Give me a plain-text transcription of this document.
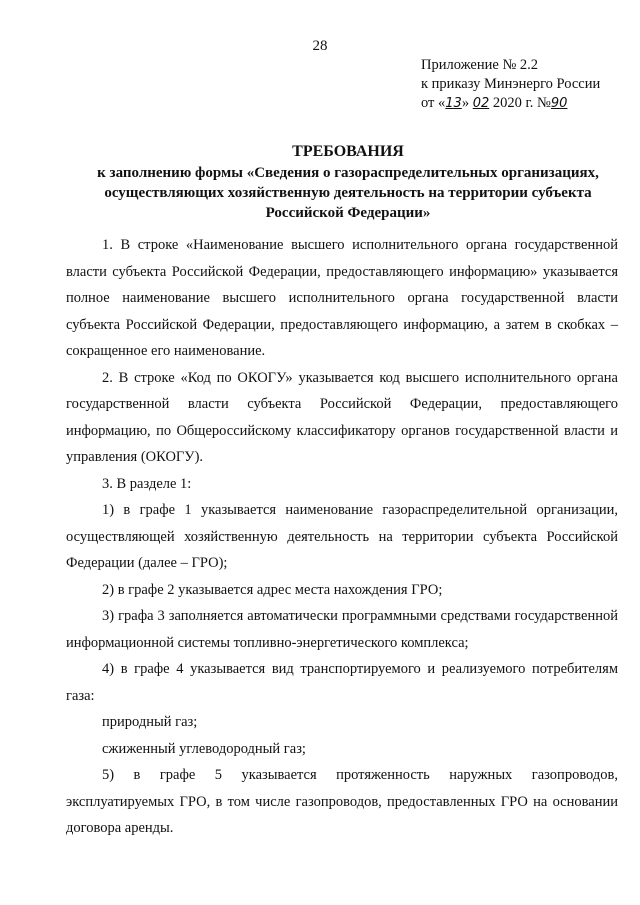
28
Приложение № 2.2
к приказу Минэнерго России
от «13» 02 2020 г. №90
ТРЕБОВАНИЯ
к заполнению формы «Сведения о газораспределительных организациях,
осуществляющих хозяйственную деятельность на территории субъекта
Российской Федерации»

1. В строке «Наименование высшего исполнительного органа государственной власти субъекта Российской Федерации, предоставляющего информацию» указывается полное наименование высшего исполнительного органа государственной власти субъекта Российской Федерации, предоставляющего информацию, а затем в скобках – сокращенное его наименование.

2. В строке «Код по ОКОГУ» указывается код высшего исполнительного органа государственной власти субъекта Российской Федерации, предоставляющего информацию, по Общероссийскому классификатору органов государственной власти и управления (ОКОГУ).

3. В разделе 1:

1) в графе 1 указывается наименование газораспределительной организации, осуществляющей хозяйственную деятельность на территории субъекта Российской Федерации (далее – ГРО);

2) в графе 2 указывается адрес места нахождения ГРО;

3) графа 3 заполняется автоматически программными средствами государственной информационной системы топливно-энергетического комплекса;

4) в графе 4 указывается вид транспортируемого и реализуемого потребителям газа:

природный газ;

сжиженный углеводородный газ;

5) в графе 5 указывается протяженность наружных газопроводов, эксплуатируемых ГРО, в том числе газопроводов, предоставленных ГРО на основании договора аренды.
